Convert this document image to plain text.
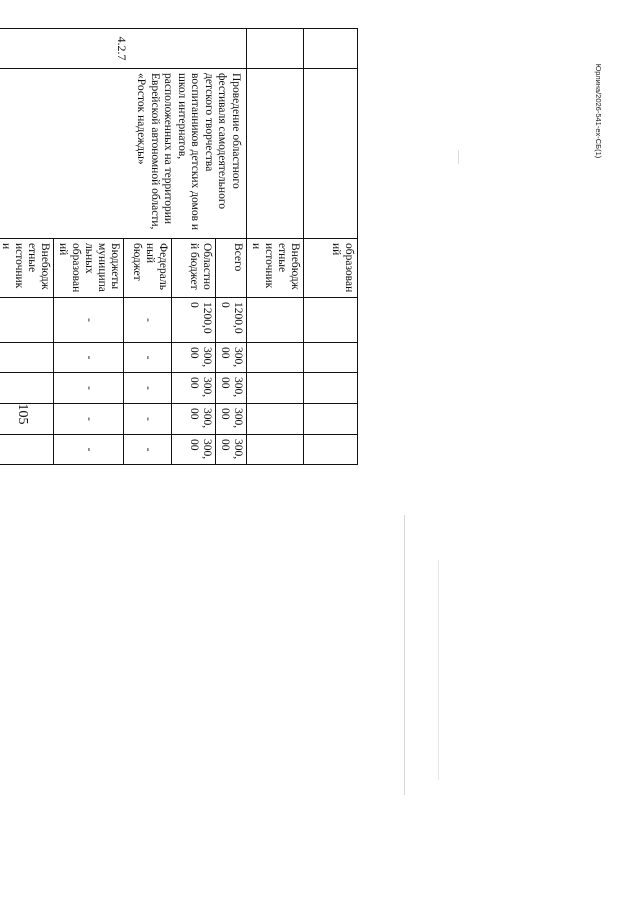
105
Юрлина/2026-541-ex-СБ(1)
		образований					
		Внебюджетные источники					
4.2.7	Проведение областного фестиваля самодеятельного детского творчества воспитанников детских домов и школ интернатов, расположенных на территории Еврейской автономной области, «Росток надежды»	Всего	1200,00	300,00	300,00	300,00	300,00
		Областной бюджет	1200,00	300,00	300,00	300,00	300,00
		Федеральный бюджет	-	-	-	-	-
		Бюджеты муниципальных образований	-	-	-	-	-
		Внебюджетные источники					
